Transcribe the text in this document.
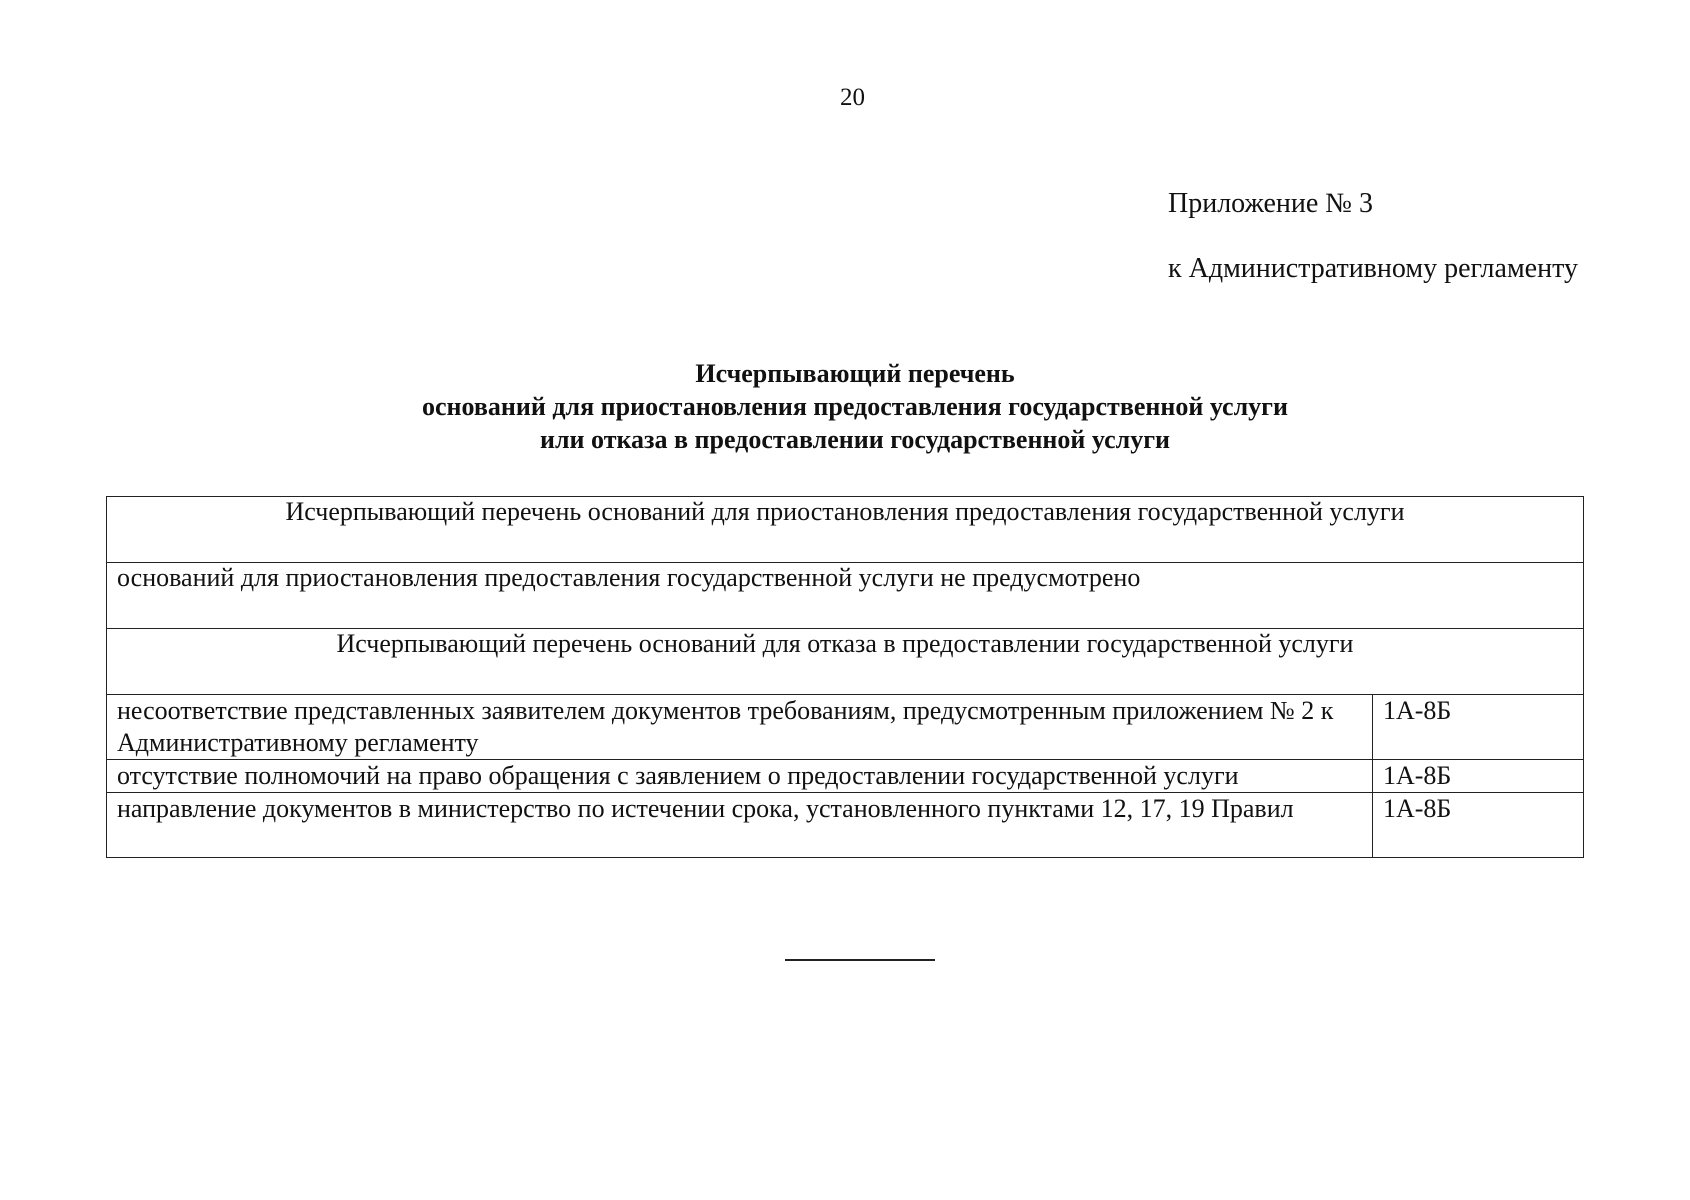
20
Приложение № 3
к Административному регламенту
Исчерпывающий перечень
оснований для приостановления предоставления государственной услуги
или отказа в предоставлении государственной услуги
Исчерпывающий перечень оснований для приостановления предоставления государственной услуги	
оснований для приостановления предоставления государственной услуги не предусмотрено	
Исчерпывающий перечень оснований для отказа в предоставлении государственной услуги	
несоответствие представленных заявителем документов требованиям, предусмотренным приложением № 2 к Административному регламенту	1А-8Б
отсутствие полномочий на право обращения с заявлением о предоставлении государственной услуги	1А-8Б
направление документов в министерство по истечении срока, установленного пунктами 12, 17, 19 Правил	1А-8Б
